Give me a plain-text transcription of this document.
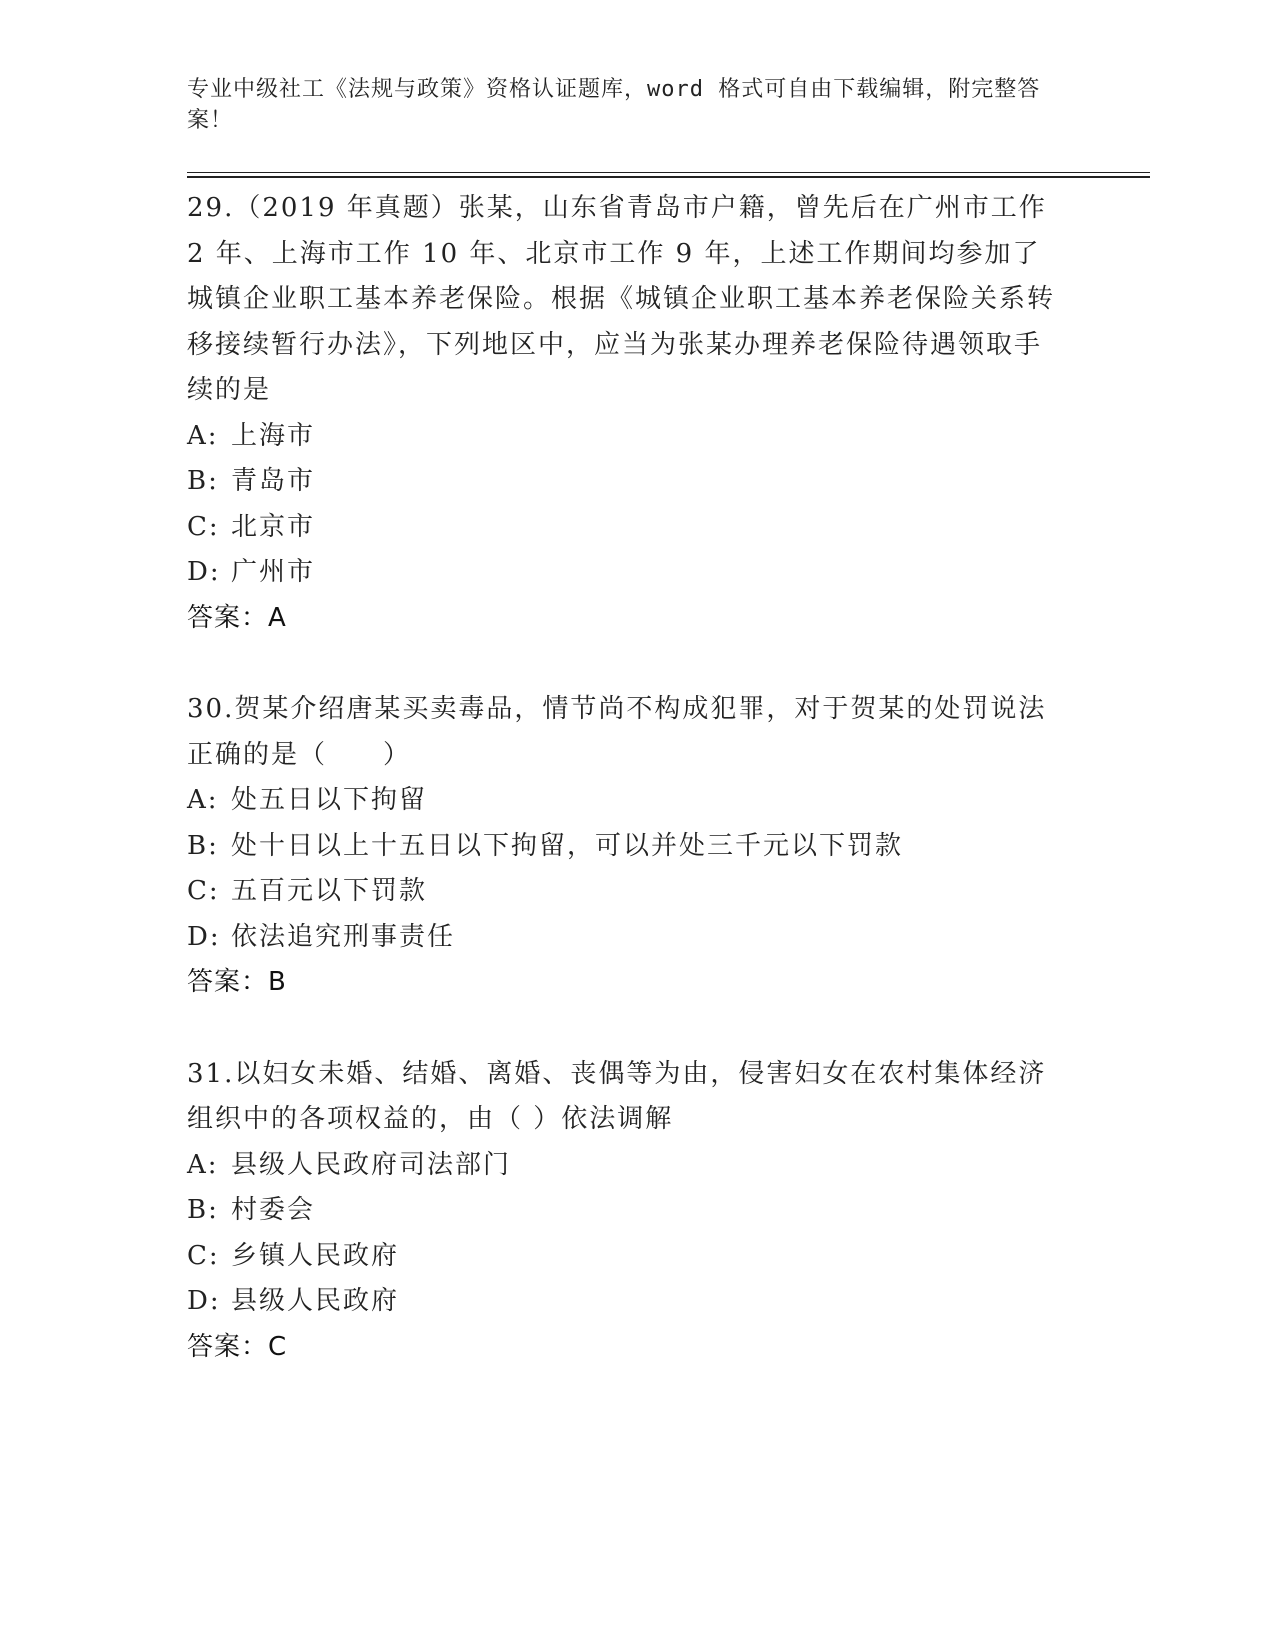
专业中级社工《法规与政策》资格认证题库，word 格式可自由下载编辑，附完整答案！
29.（2019 年真题）张某，山东省青岛市户籍，曾先后在广州市工作 2 年、上海市工作 10 年、北京市工作 9 年，上述工作期间均参加了城镇企业职工基本养老保险。根据《城镇企业职工基本养老保险关系转移接续暂行办法》，下列地区中，应当为张某办理养老保险待遇领取手续的是
A: 上海市
B: 青岛市
C: 北京市
D: 广州市
答案：A
30.贺某介绍唐某买卖毒品，情节尚不构成犯罪，对于贺某的处罚说法正确的是（　　）
A: 处五日以下拘留
B: 处十日以上十五日以下拘留，可以并处三千元以下罚款
C: 五百元以下罚款
D: 依法追究刑事责任
答案：B
31.以妇女未婚、结婚、离婚、丧偶等为由，侵害妇女在农村集体经济组织中的各项权益的，由（ ）依法调解
A: 县级人民政府司法部门
B: 村委会
C: 乡镇人民政府
D: 县级人民政府
答案：C
